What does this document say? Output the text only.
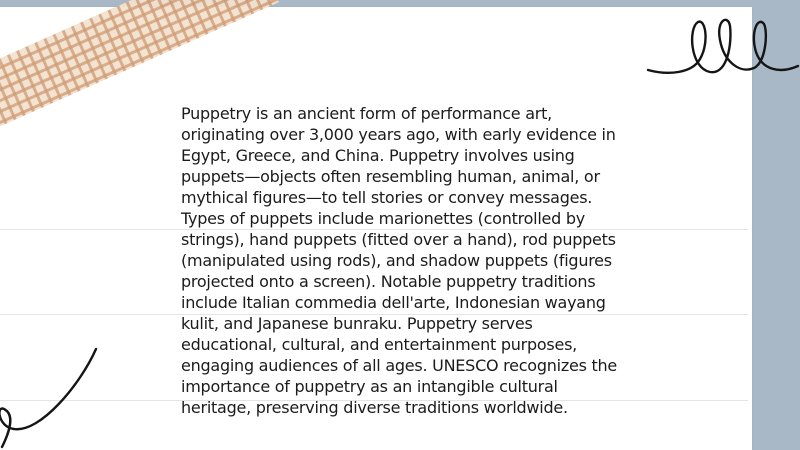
Puppetry is an ancient form of performance art, originating over 3,000 years ago, with early evidence in Egypt, Greece, and China. Puppetry involves using puppets—objects often resembling human, animal, or mythical figures—to tell stories or convey messages. Types of puppets include marionettes (controlled by strings), hand puppets (fitted over a hand), rod puppets (manipulated using rods), and shadow puppets (figures projected onto a screen). Notable puppetry traditions include Italian commedia dell'arte, Indonesian wayang kulit, and Japanese bunraku. Puppetry serves educational, cultural, and entertainment purposes, engaging audiences of all ages. UNESCO recognizes the importance of puppetry as an intangible cultural heritage, preserving diverse traditions worldwide.
